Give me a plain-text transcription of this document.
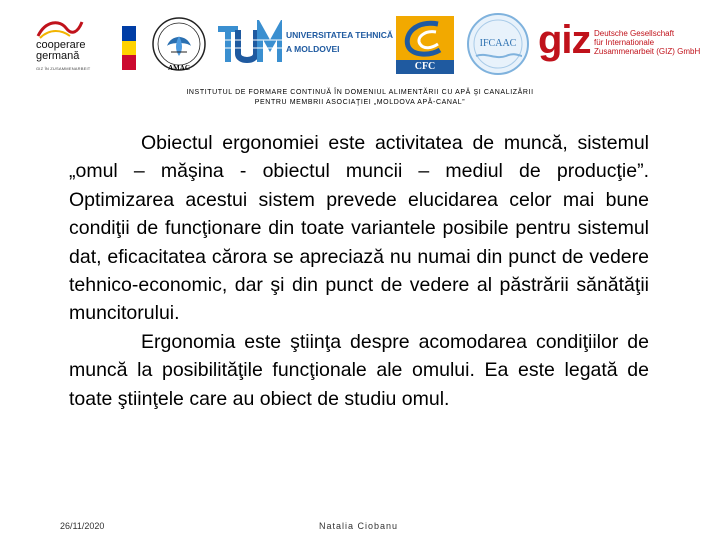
cooperare
germană
GIZ ÎN ZUSAMMENARBEIT	AMAC
UNIVERSITATEA TEHNICĂ
A MOLDOVEI
CFC
IFCAAC giz Deutsche Gesellschaft
für Internationale
Zusammenarbeit (GIZ) GmbH
INSTITUTUL DE FORMARE CONTINUĂ ÎN DOMENIUL ALIMENTĂRII CU APĂ ŞI CANALIZĂRII
PENTRU MEMBRII ASOCIAŢIEI „MOLDOVA APĂ-CANAL”

Obiectul ergonomiei este activitatea de muncă, sistemul „omul – măşina - obiectul muncii – mediul de producţie”. Optimizarea acestui sistem prevede elucidarea celor mai bune condiţii de funcţionare din toate variantele posibile pentru sistemul dat, eficacitatea cărora se apreciază nu numai din punct de vedere tehnico-economic, dar şi din punct de vedere al păstrării sănătăţii muncitorului.

Ergonomia este ştiinţa despre acomodarea condiţiilor de muncă la posibilităţile funcţionale ale omului. Ea este legată de toate ştiinţele care au obiect de studiu omul.

26/11/2020	Natalia Ciobanu
